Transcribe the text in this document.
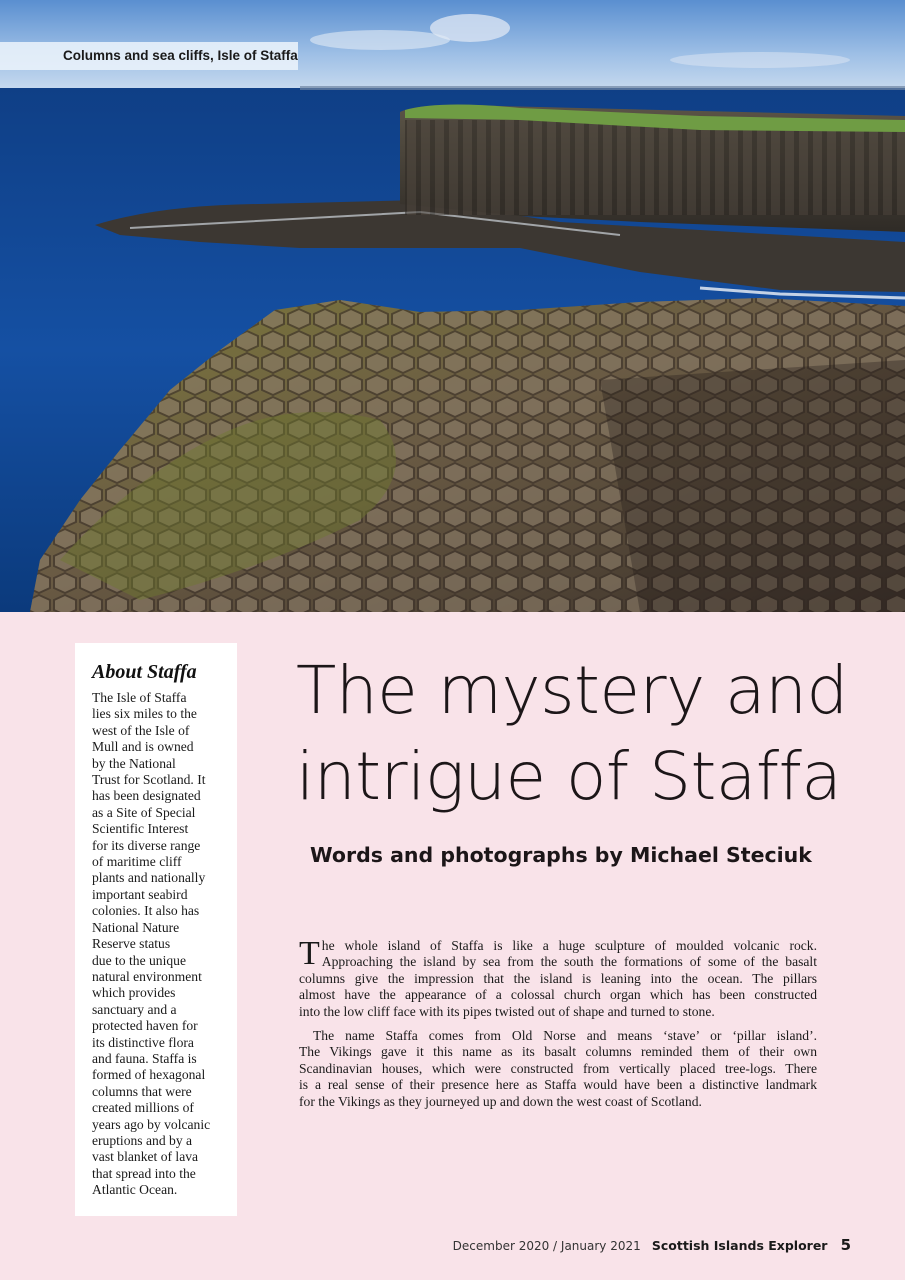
Columns and sea cliffs, Isle of Staffa
About Staffa

The Isle of Staffa
lies six miles to the
west of the Isle of
Mull and is owned
by the National
Trust for Scotland. It
has been designated
as a Site of Special
Scientific Interest
for its diverse range
of maritime cliff
plants and nationally
important seabird
colonies. It also has
National Nature
Reserve status
due to the unique
natural environment
which provides
sanctuary and a
protected haven for
its distinctive flora
and fauna. Staffa is
formed of hexagonal
columns that were
created millions of
years ago by volcanic
eruptions and by a
vast blanket of lava
that spread into the
Atlantic Ocean.

The mystery and
intrigue of Staffa

Words and photographs by Michael Steciuk

T he whole island of Staffa is like a huge sculpture of moulded volcanic rock.
Approaching the island by sea from the south the formations of some of the basalt
columns give the impression that the island is leaning into the ocean. The pillars
almost have the appearance of a colossal church organ which has been constructed
into the low cliff face with its pipes twisted out of shape and turned to stone.

The name Staffa comes from Old Norse and means ‘stave’ or ‘pillar island’.
The Vikings gave it this name as its basalt columns reminded them of their own
Scandinavian houses, which were constructed from vertically placed tree-logs. There
is a real sense of their presence here as Staffa would have been a distinctive landmark
for the Vikings as they journeyed up and down the west coast of Scotland.

December 2020 / January 2021 Scottish Islands Explorer 5
